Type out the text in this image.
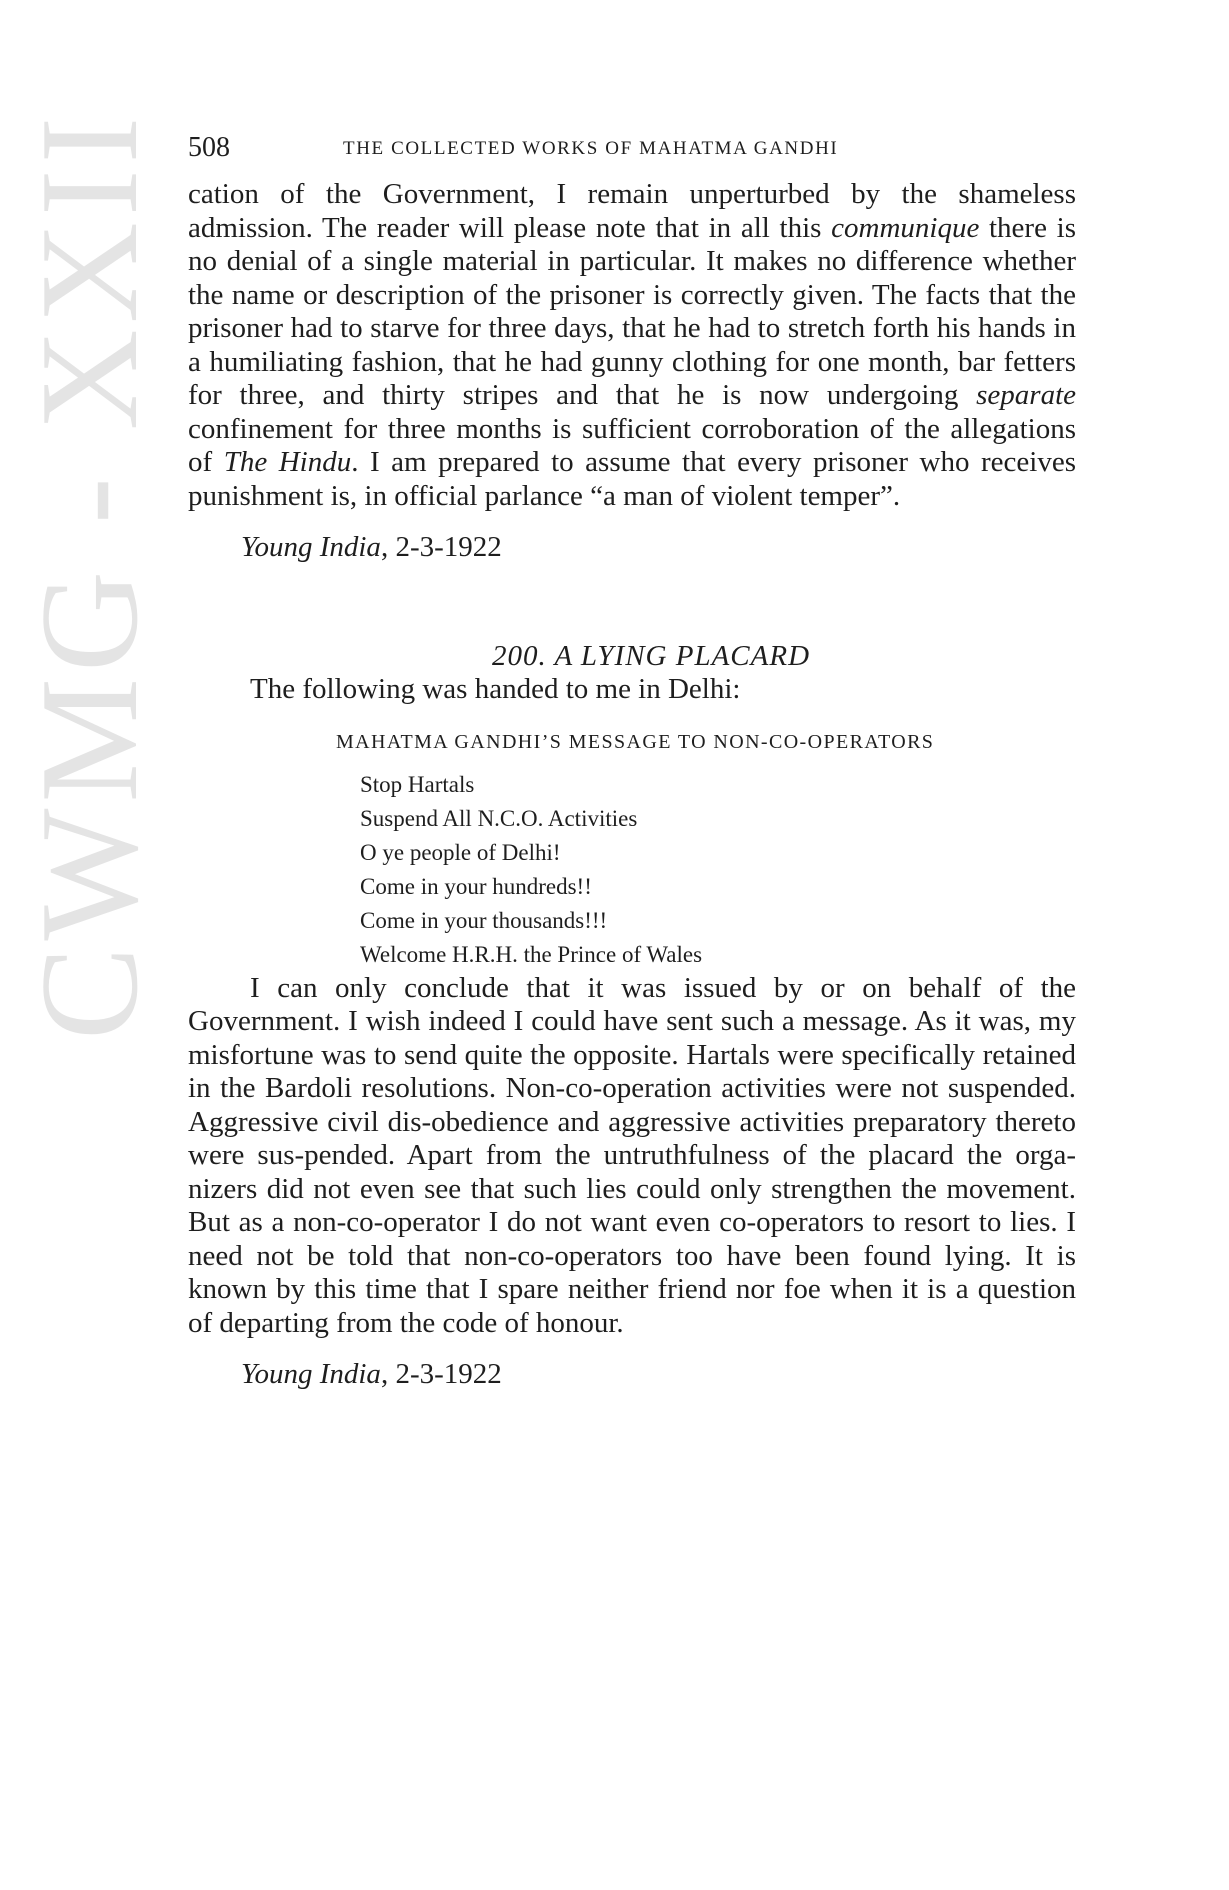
CWMG - XXII 508	THE COLLECTED WORKS OF MAHATMA GANDHI

cation of the Government, I remain unperturbed by the shameless admission. The reader will please note that in all this communique there is no denial of a single material in particular. It makes no difference whether the name or description of the prisoner is correctly given. The facts that the prisoner had to starve for three days, that he had to stretch forth his hands in a humiliating fashion, that he had gunny clothing for one month, bar fetters for three, and thirty stripes and that he is now undergoing separate confinement for three months is sufficient corroboration of the allegations of The Hindu. I am prepared to assume that every prisoner who receives punishment is, in official parlance “a man of violent temper”.

Young India, 2-3-1922
200. A LYING PLACARD

The following was handed to me in Delhi:

MAHATMA GANDHI’S MESSAGE TO NON-CO-OPERATORS
Stop Hartals
Suspend All N.C.O. Activities
O ye people of Delhi!
Come in your hundreds!!
Come in your thousands!!!
Welcome H.R.H. the Prince of Wales

I can only conclude that it was issued by or on behalf of the Government. I wish indeed I could have sent such a message. As it was, my misfortune was to send quite the opposite. Hartals were specifically retained in the Bardoli resolutions. Non-co-operation activities were not suspended. Aggressive civil dis-obedience and aggressive activities preparatory thereto were sus-pended. Apart from the untruthfulness of the placard the orga-nizers did not even see that such lies could only strengthen the movement. But as a non-co-operator I do not want even co-operators to resort to lies. I need not be told that non-co-operators too have been found lying. It is known by this time that I spare neither friend nor foe when it is a question of departing from the code of honour.

Young India, 2-3-1922
